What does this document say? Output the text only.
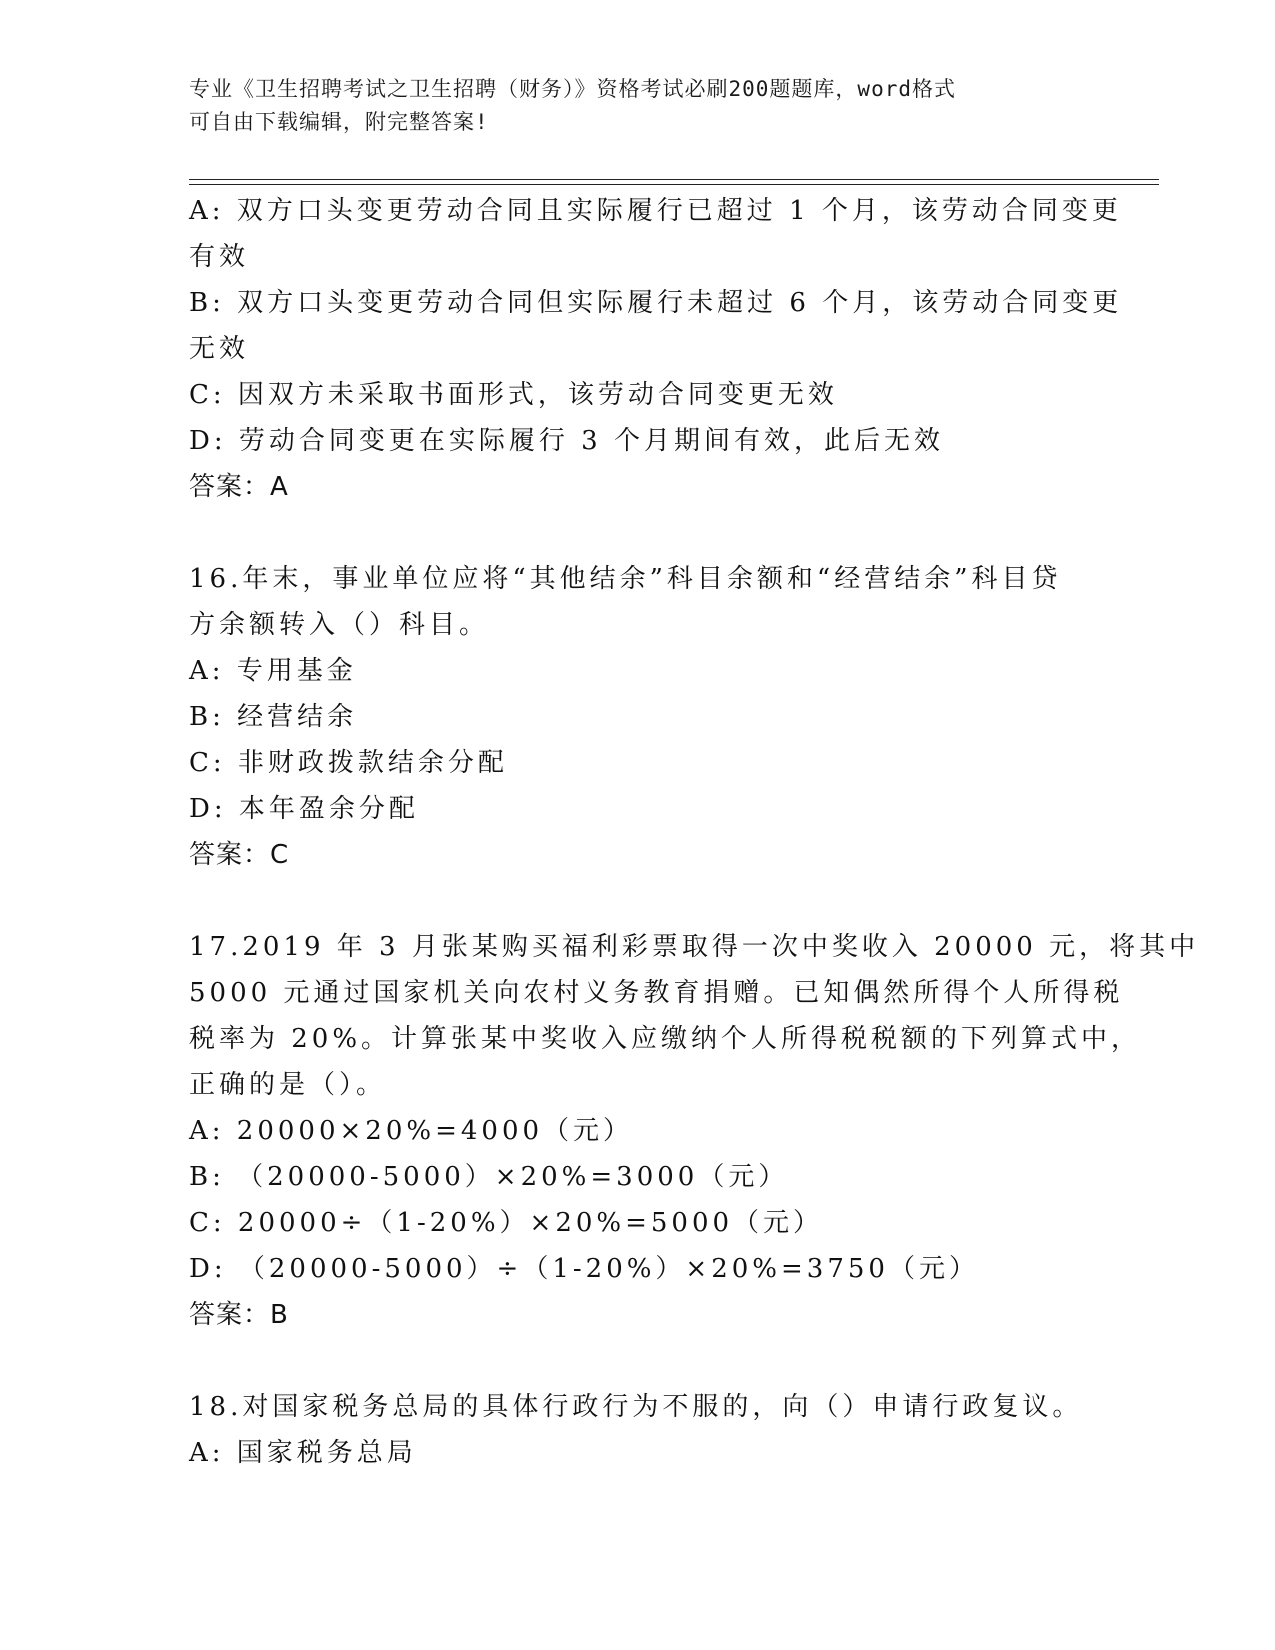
专业《卫生招聘考试之卫生招聘（财务）》资格考试必刷200题题库，word格式
可自由下载编辑，附完整答案!
A: 双方口头变更劳动合同且实际履行已超过 1 个月，该劳动合同变更
有效
B: 双方口头变更劳动合同但实际履行未超过 6 个月，该劳动合同变更
无效
C: 因双方未采取书面形式，该劳动合同变更无效
D: 劳动合同变更在实际履行 3 个月期间有效，此后无效
答案：A
16.年末，事业单位应将“其他结余”科目余额和“经营结余”科目贷
方余额转入（）科目。
A: 专用基金
B: 经营结余
C: 非财政拨款结余分配
D: 本年盈余分配
答案：C
17.2019 年 3 月张某购买福利彩票取得一次中奖收入 20000 元，将其中
5000 元通过国家机关向农村义务教育捐赠。已知偶然所得个人所得税
税率为 20%。计算张某中奖收入应缴纳个人所得税税额的下列算式中，
正确的是（）。
A: 20000×20%=4000（元）
B: （20000-5000）×20%=3000（元）
C: 20000÷（1-20%）×20%=5000（元）
D: （20000-5000）÷（1-20%）×20%=3750（元）
答案：B
18.对国家税务总局的具体行政行为不服的，向（）申请行政复议。
A: 国家税务总局
